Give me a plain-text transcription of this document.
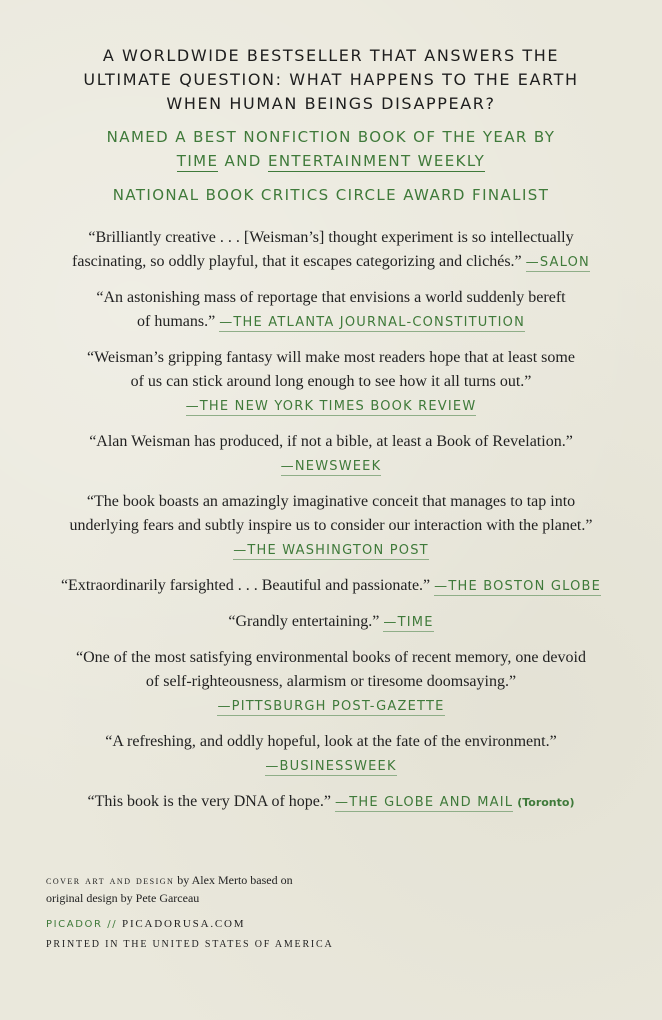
A WORLDWIDE BESTSELLER THAT ANSWERS THE
ULTIMATE QUESTION: WHAT HAPPENS TO THE EARTH
WHEN HUMAN BEINGS DISAPPEAR?
NAMED A BEST NONFICTION BOOK OF THE YEAR BY
TIME AND ENTERTAINMENT WEEKLY
NATIONAL BOOK CRITICS CIRCLE AWARD FINALIST
“Brilliantly creative . . . [Weisman’s] thought experiment is so intellectually
fascinating, so oddly playful, that it escapes categorizing and clichés.” —SALON
“An astonishing mass of reportage that envisions a world suddenly bereft
of humans.” —THE ATLANTA JOURNAL-CONSTITUTION
“Weisman’s gripping fantasy will make most readers hope that at least some
of us can stick around long enough to see how it all turns out.”
—THE NEW YORK TIMES BOOK REVIEW
“Alan Weisman has produced, if not a bible, at least a Book of Revelation.”
—NEWSWEEK
“The book boasts an amazingly imaginative conceit that manages to tap into
underlying fears and subtly inspire us to consider our interaction with the planet.”
—THE WASHINGTON POST
“Extraordinarily farsighted . . . Beautiful and passionate.” —THE BOSTON GLOBE
“Grandly entertaining.” —TIME
“One of the most satisfying environmental books of recent memory, one devoid
of self-righteousness, alarmism or tiresome doomsaying.”
—PITTSBURGH POST-GAZETTE
“A refreshing, and oddly hopeful, look at the fate of the environment.”
—BUSINESSWEEK
“This book is the very DNA of hope.” —THE GLOBE AND MAIL (Toronto)
cover art and design by Alex Merto based on
original design by Pete Garceau
PICADOR // PICADORUSA.COM
PRINTED IN THE UNITED STATES OF AMERICA
